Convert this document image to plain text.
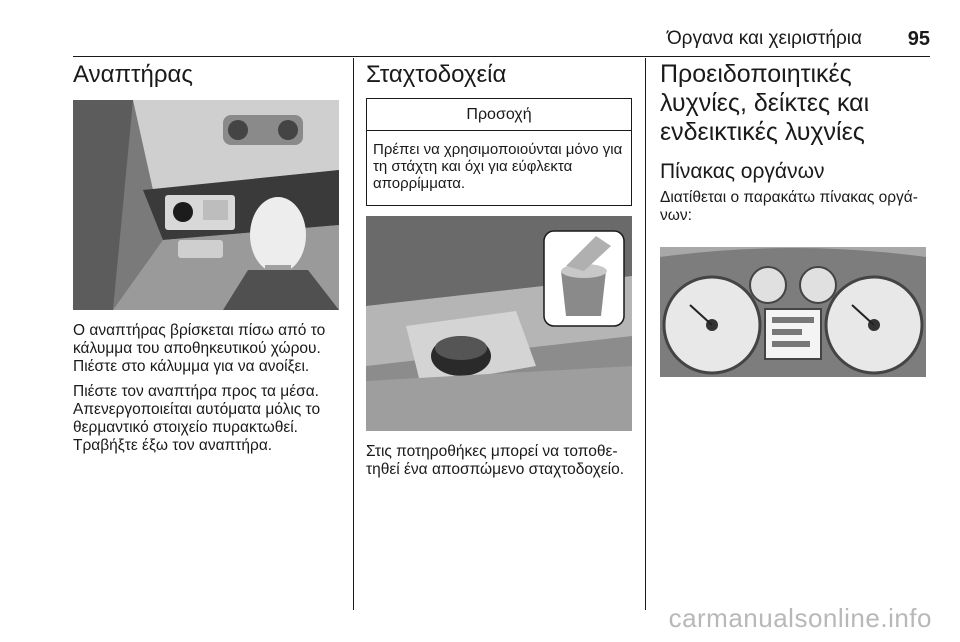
Όργανα και χειριστήρια 95
Αναπτήρας

Ο αναπτήρας βρίσκεται πίσω από το κάλυμμα του αποθηκευτικού χώρου. Πιέστε στο κάλυμμα για να ανοίξει.

Πιέστε τον αναπτήρα προς τα μέσα. Απενεργοποιείται αυτόματα μόλις το θερμαντικό στοιχείο πυρακτωθεί. Τραβήξτε έξω τον αναπτήρα.

Σταχτοδοχεία
Προσοχή

Πρέπει να χρησιμοποιούνται μόνο για τη στάχτη και όχι για εύφλεκτα απορρίμματα.

Στις ποτηροθήκες μπορεί να τοποθετηθεί ένα αποσπώμενο σταχτοδοχείο.

Προειδοποιητικές λυχνίες, δείκτες και ενδεικτικές λυχνίες
Πίνακας οργάνων

Διατίθεται ο παρακάτω πίνακας οργάνων:

carmanualsonline.info
